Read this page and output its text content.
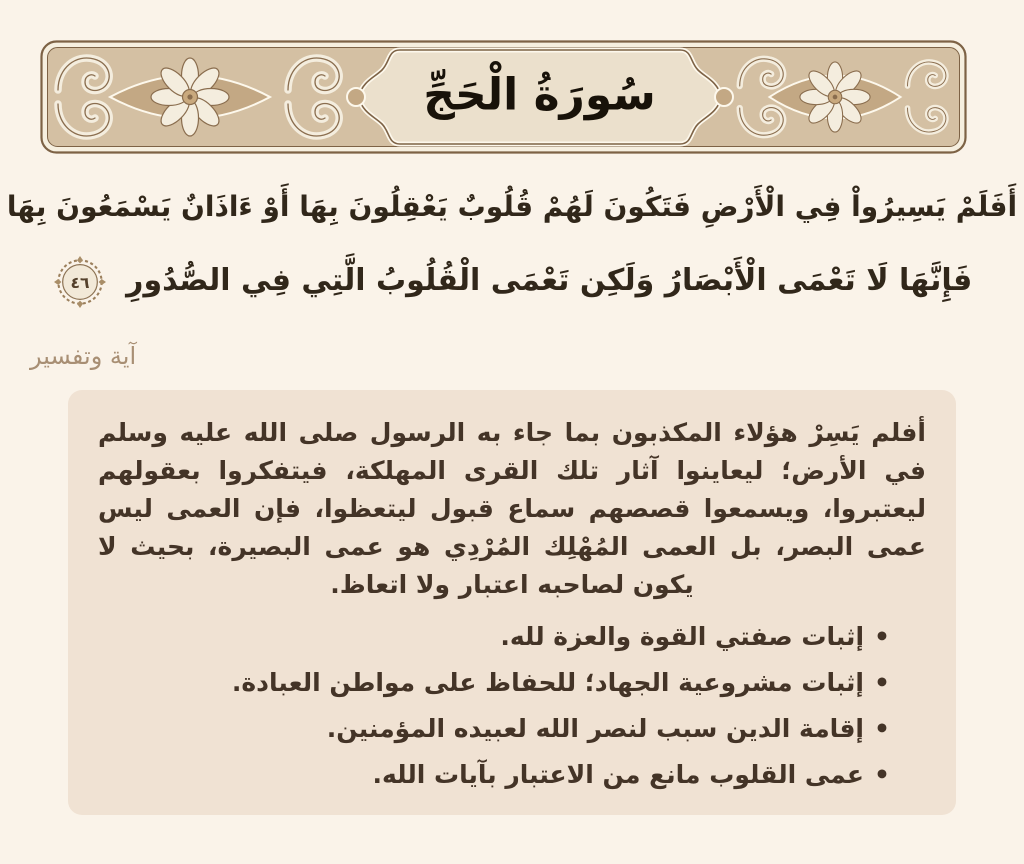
سُورَةُ الْحَجِّ
أَفَلَمْ يَسِيرُواْ فِي الْأَرْضِ فَتَكُونَ لَهُمْ قُلُوبٌ يَعْقِلُونَ بِهَا أَوْ ءَاذَانٌ يَسْمَعُونَ بِهَا
فَإِنَّهَا لَا تَعْمَى الْأَبْصَارُ وَلَكِن تَعْمَى الْقُلُوبُ الَّتِي فِي الصُّدُورِ
٤٦
آية وتفسير

أفلم يَسِرْ هؤلاء المكذبون بما جاء به الرسول صلى الله عليه وسلم في الأرض؛ ليعاينوا آثار تلك القرى المهلكة، فيتفكروا بعقولهم ليعتبروا، ويسمعوا قصصهم سماع قبول ليتعظوا، فإن العمى ليس عمى البصر، بل العمى المُهْلِك المُرْدِي هو عمى البصيرة، بحيث لا يكون لصاحبه اعتبار ولا اتعاظ.

•إثبات صفتي القوة والعزة لله.
•إثبات مشروعية الجهاد؛ للحفاظ على مواطن العبادة.
•إقامة الدين سبب لنصر الله لعبيده المؤمنين.
•عمى القلوب مانع من الاعتبار بآيات الله.
